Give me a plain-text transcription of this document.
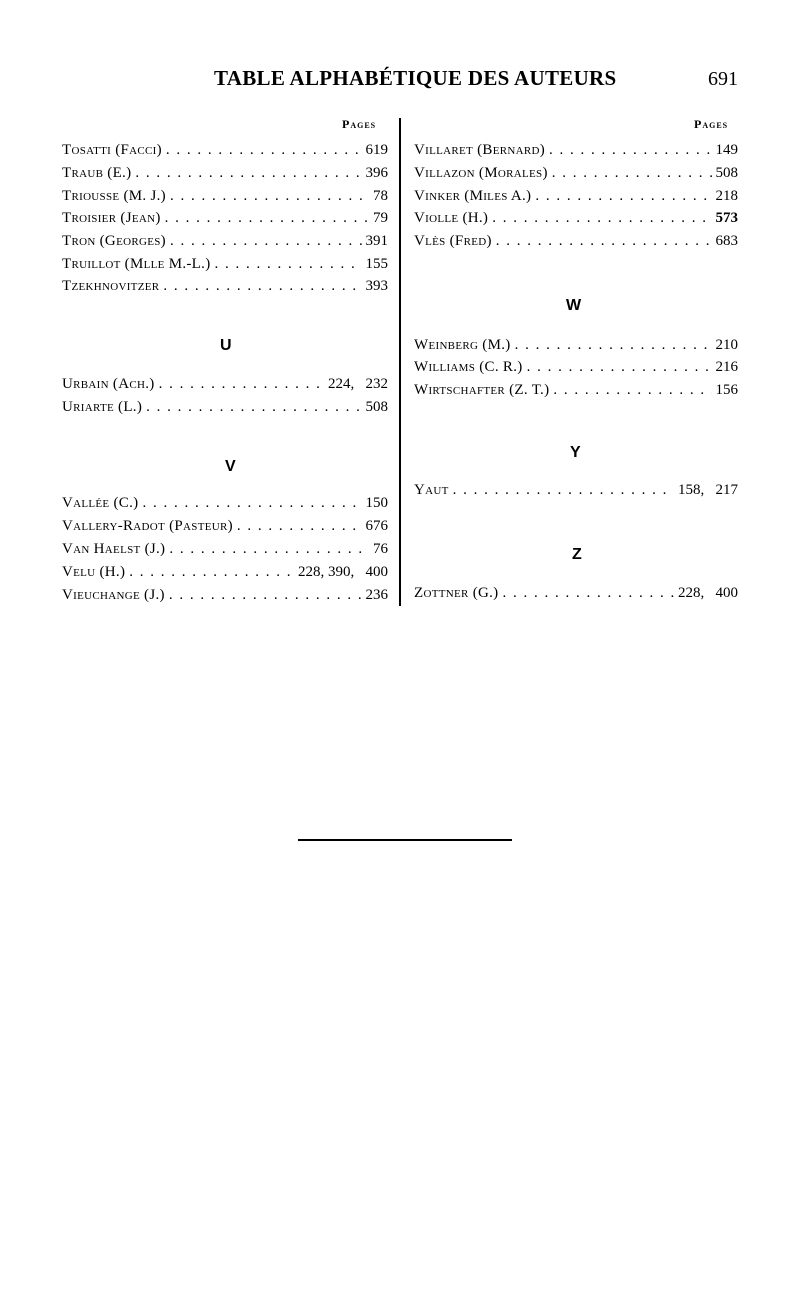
TABLE ALPHABÉTIQUE DES AUTEURS	691
Pages	Pages
Tosatti (Facci) . . .	619
Traub (E.) . . .	396
Triousse (M. J.) . . .	78
Troisier (Jean) . . .	79
Tron (Georges) . . .	391
Truillot (Mlle M.-L.) . . .	155
Tzekhnovitzer . . .	393
U
Urbain (Ach.) . . .	224,   232
Uriarte (L.) . . .	508
V
Vallée (C.) . . .	150
Vallery-Radot (Pasteur) . . .	676
Van Haelst (J.) . . .	76
Velu (H.) . . .	228, 390,   400
Vieuchange (J.) . . .	236
Villaret (Bernard) . . .	149
Villazon (Morales) . . .	508
Vinker (Miles A.) . . .	218
Violle (H.) . . .	573
Vlès (Fred) . . .	683
W
Weinberg (M.) . . .	210
Williams (C. R.) . . .	216
Wirtschafter (Z. T.) . . .	156
Y
Yaut . . .	158,   217
Z
Zottner (G.) . . .	228,   400
